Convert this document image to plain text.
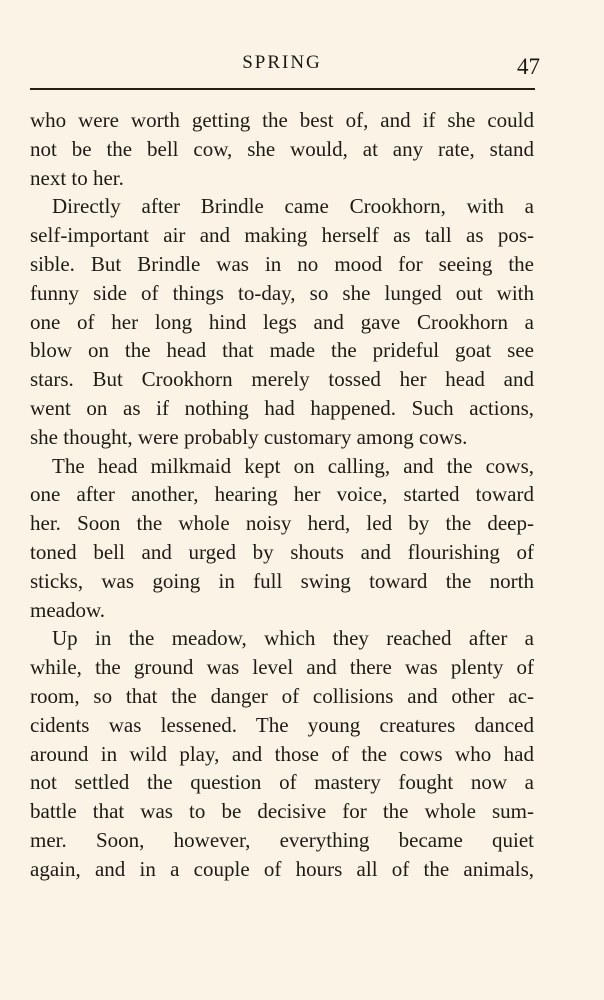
SPRING	47
who were worth getting the best of, and if she could
not be the bell cow, she would, at any rate, stand
next to her.
Directly after Brindle came Crookhorn, with a
self-important air and making herself as tall as pos-
sible. But Brindle was in no mood for seeing the
funny side of things to-day, so she lunged out with
one of her long hind legs and gave Crookhorn a
blow on the head that made the prideful goat see
stars. But Crookhorn merely tossed her head and
went on as if nothing had happened. Such actions,
she thought, were probably customary among cows.
The head milkmaid kept on calling, and the cows,
one after another, hearing her voice, started toward
her. Soon the whole noisy herd, led by the deep-
toned bell and urged by shouts and flourishing of
sticks, was going in full swing toward the north
meadow.
Up in the meadow, which they reached after a
while, the ground was level and there was plenty of
room, so that the danger of collisions and other ac-
cidents was lessened. The young creatures danced
around in wild play, and those of the cows who had
not settled the question of mastery fought now a
battle that was to be decisive for the whole sum-
mer. Soon, however, everything became quiet
again, and in a couple of hours all of the animals,
